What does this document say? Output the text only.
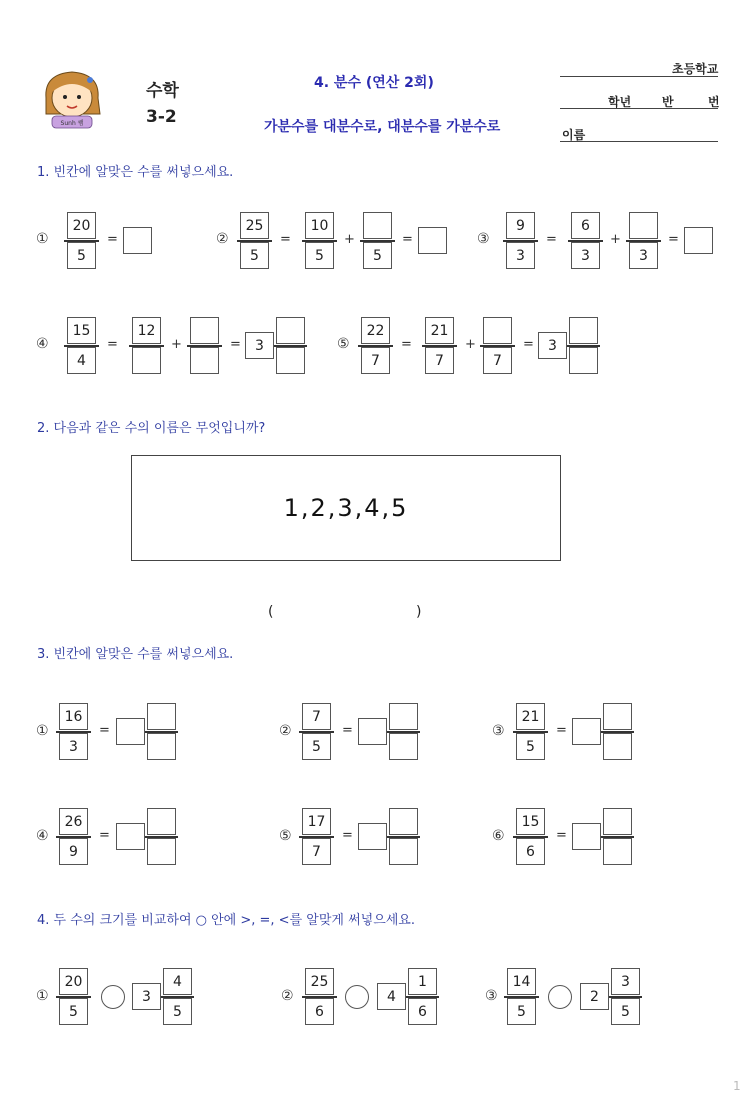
Sunh 쌤
수학
3-2
4. 분수 (연산 2회)
가분수를 대분수로, 대분수를 가분수로
초등학교
학년	반	번
이름
1. 빈칸에 알맞은 수를 써넣으세요.
①
20
5
=	②
25
5
=
10
5
+
5
=	③
9
3
=
6
3
+
3
=
④
15
4
=
12
+	=	3	⑤
22
7
=
21
7
+
7
=	3
2. 다음과 같은 수의 이름은 무엇입니까?
1,2,3,4,5
(	)
3. 빈칸에 알맞은 수를 써넣으세요.
①
16
3
=	②
7
5
=	③
21
5
=
④
26
9
=	⑤
17
7
=	⑥
15
6
=
4. 두 수의 크기를 비교하여 ○ 안에 >, =, <를 알맞게 써넣으세요.
①
20
5
3
4
5
②
25
6
4
1
6
③
14
5
2
3
5
1
